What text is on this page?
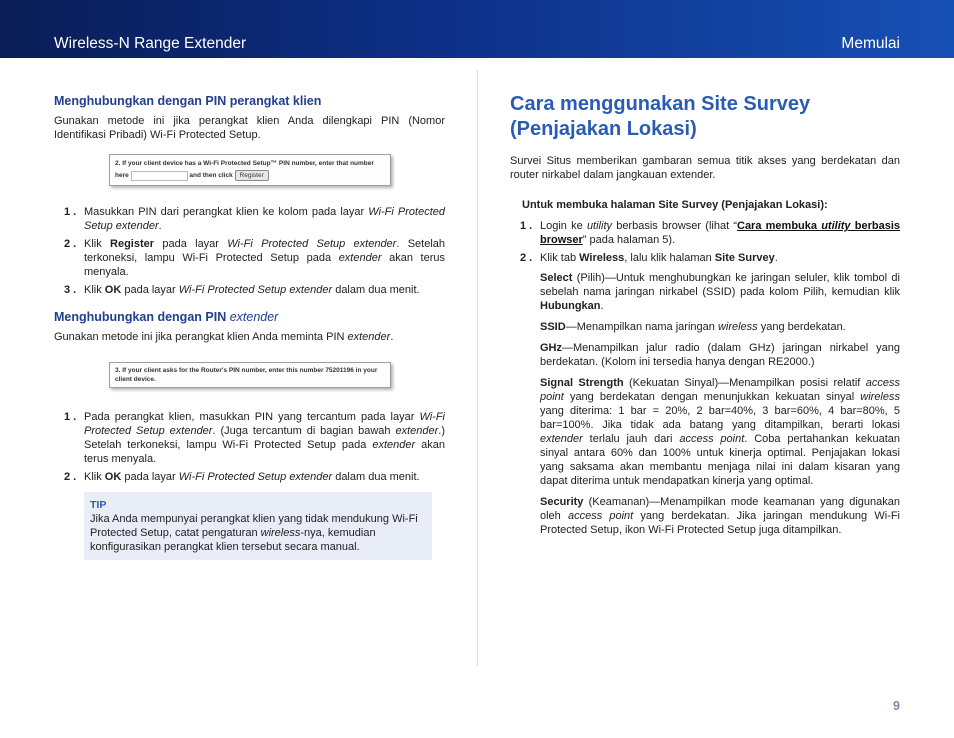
Wireless-N Range Extender	Memulai
Menghubungkan dengan PIN perangkat klien

Gunakan metode ini jika perangkat klien Anda dilengkapi PIN (Nomor Identifikasi Pribadi) Wi-Fi Protected Setup.

2. If your client device has a Wi-Fi Protected Setup™ PIN number, enter that number
here	and then click Register
1 . Masukkan PIN dari perangkat klien ke kolom pada layar Wi-Fi Protected Setup extender.
2 . Klik Register pada layar Wi-Fi Protected Setup extender. Setelah terkoneksi, lampu Wi-Fi Protected Setup pada extender akan terus menyala.
3 . Klik OK pada layar Wi-Fi Protected Setup extender dalam dua menit.
Menghubungkan dengan PIN extender

Gunakan metode ini jika perangkat klien Anda meminta PIN extender.

3. If your client asks for the Router's PIN number, enter this number 75201196 in your
client device.
1 . Pada perangkat klien, masukkan PIN yang tercantum pada layar Wi-Fi Protected Setup extender. (Juga tercantum di bagian bawah extender.) Setelah terkoneksi, lampu Wi-Fi Protected Setup pada extender akan terus menyala.
2 . Klik OK pada layar Wi-Fi Protected Setup extender dalam dua menit.
TIP

Jika Anda mempunyai perangkat klien yang tidak mendukung Wi-Fi Protected Setup, catat pengaturan wireless-nya, kemudian konfigurasikan perangkat klien tersebut secara manual.

Cara menggunakan Site Survey
(Penjajakan Lokasi)

Survei Situs memberikan gambaran semua titik akses yang berdekatan dan router nirkabel dalam jangkauan extender.

Untuk membuka halaman Site Survey (Penjajakan Lokasi):
1 . Login ke utility berbasis browser (lihat “Cara membuka utility berbasis browser” pada halaman 5).
2 . Klik tab Wireless, lalu klik halaman Site Survey.
Select (Pilih)—Untuk menghubungkan ke jaringan seluler, klik tombol di sebelah nama jaringan nirkabel (SSID) pada kolom Pilih, kemudian klik Hubungkan.
SSID—Menampilkan nama jaringan wireless yang berdekatan.
GHz—Menampilkan jalur radio (dalam GHz) jaringan nirkabel yang berdekatan. (Kolom ini tersedia hanya dengan RE2000.)
Signal Strength (Kekuatan Sinyal)—Menampilkan posisi relatif access point yang berdekatan dengan menunjukkan kekuatan sinyal wireless yang diterima: 1 bar = 20%, 2 bar=40%, 3 bar=60%, 4 bar=80%, 5 bar=100%. Jika tidak ada batang yang ditampilkan, berarti lokasi extender terlalu jauh dari access point. Coba pertahankan kekuatan sinyal antara 60% dan 100% untuk kinerja optimal. Penjajakan lokasi yang saksama akan membantu menjaga nilai ini dalam kisaran yang dapat diterima untuk mendapatkan kinerja yang optimal.
Security (Keamanan)—Menampilkan mode keamanan yang digunakan oleh access point yang berdekatan. Jika jaringan mendukung Wi-Fi Protected Setup, ikon Wi-Fi Protected Setup juga ditampilkan.
9
